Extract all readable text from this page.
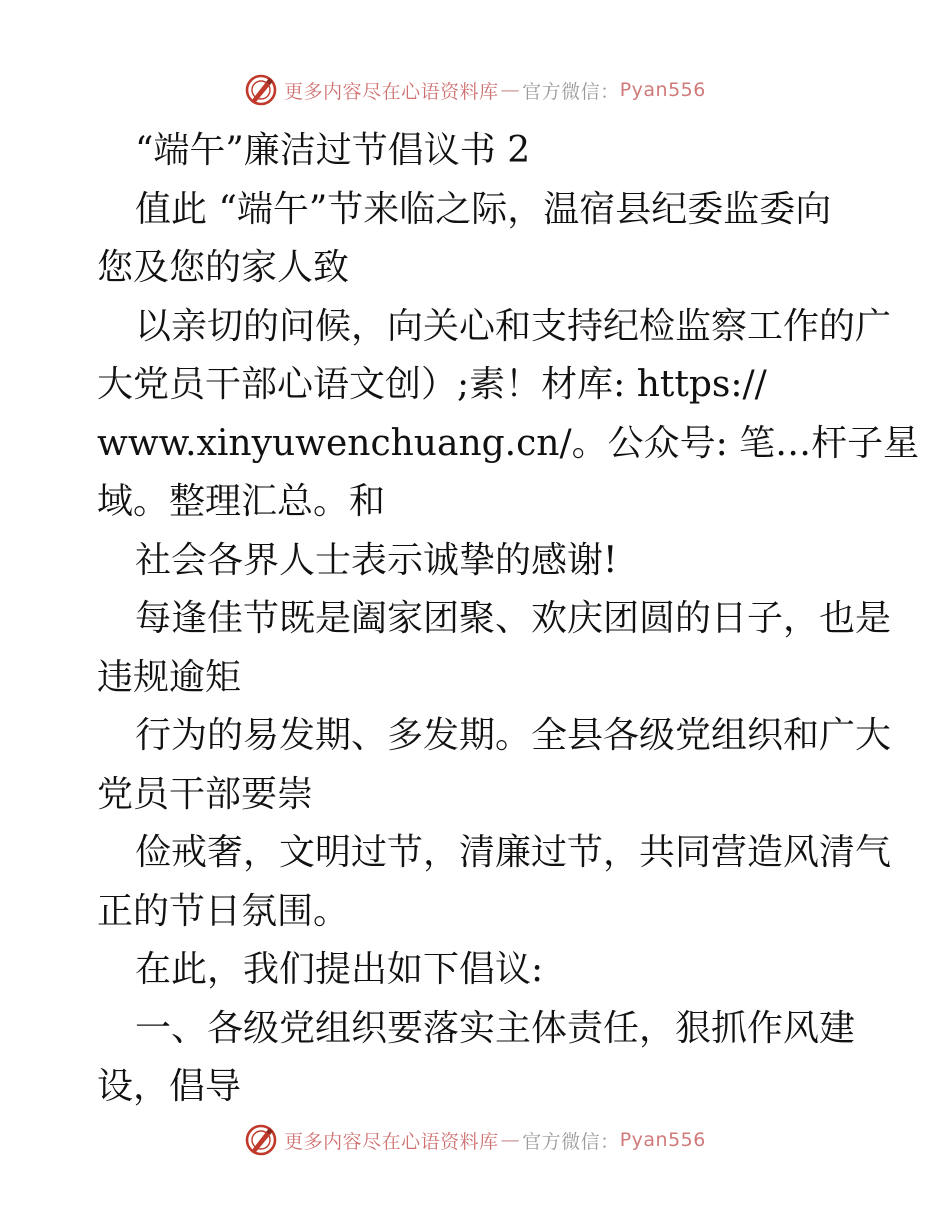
更多内容尽在心语资料库 — 官方微信： Pyan556
“端午”廉洁过节倡议书 2
值此 “端午”节来临之际，温宿县纪委监委向
您及您的家人致
以亲切的问候，向关心和支持纪检监察工作的广
大党员干部心语文创）;素！材库: https://
www.xinyuwenchuang.cn/。公众号: 笔…杆子星
域。整理汇总。和
社会各界人士表示诚挚的感谢!
每逢佳节既是阖家团聚、欢庆团圆的日子，也是
违规逾矩
行为的易发期、多发期。全县各级党组织和广大
党员干部要崇
俭戒奢，文明过节，清廉过节，共同营造风清气
正的节日氛围。
在此，我们提出如下倡议:
一、各级党组织要落实主体责任，狠抓作风建
设，倡导
更多内容尽在心语资料库 — 官方微信： Pyan556
